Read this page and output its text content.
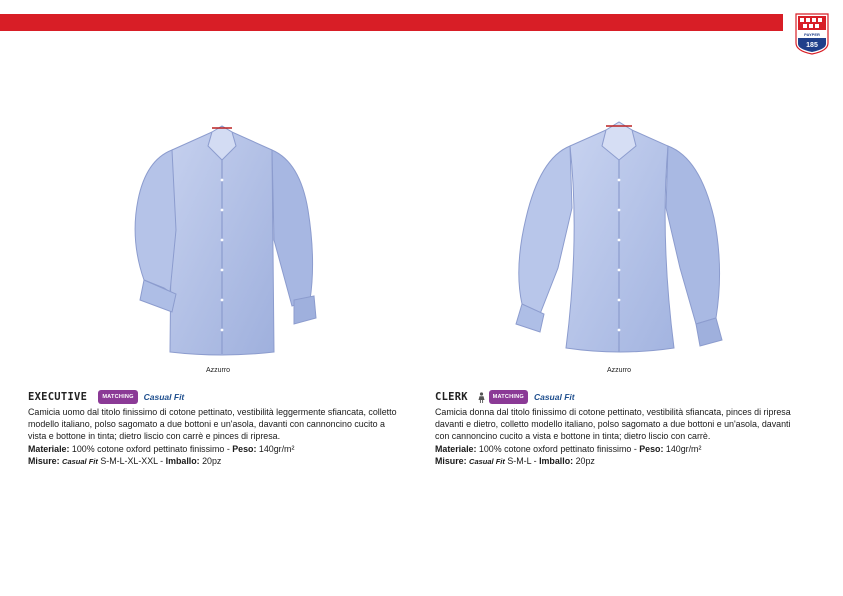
PAYPER
185
Azzurro	Azzurro
EXECUTIVE	MATCHING	Casual Fit
Camicia uomo dal titolo finissimo di cotone pettinato, vestibilità leggermente sfiancata, colletto modello italiano, polso sagomato a due bottoni e un'asola, davanti con cannoncino cucito a vista e bottone in tinta; dietro liscio con carrè e pinces di ripresa.
Materiale: 100% cotone oxford pettinato finissimo - Peso: 140gr/m²
Misure: Casual Fit S-M-L-XL-XXL - Imballo: 20pz
CLERK	MATCHING	Casual Fit
Camicia donna dal titolo finissimo di cotone pettinato, vestibilità sfiancata, pinces di ripresa davanti e dietro, colletto modello italiano, polso sagomato a due bottoni e un'asola, davanti con cannoncino cucito a vista e bottone in tinta; dietro liscio con carrè.
Materiale: 100% cotone oxford pettinato finissimo - Peso: 140gr/m²
Misure: Casual Fit S-M-L - Imballo: 20pz
